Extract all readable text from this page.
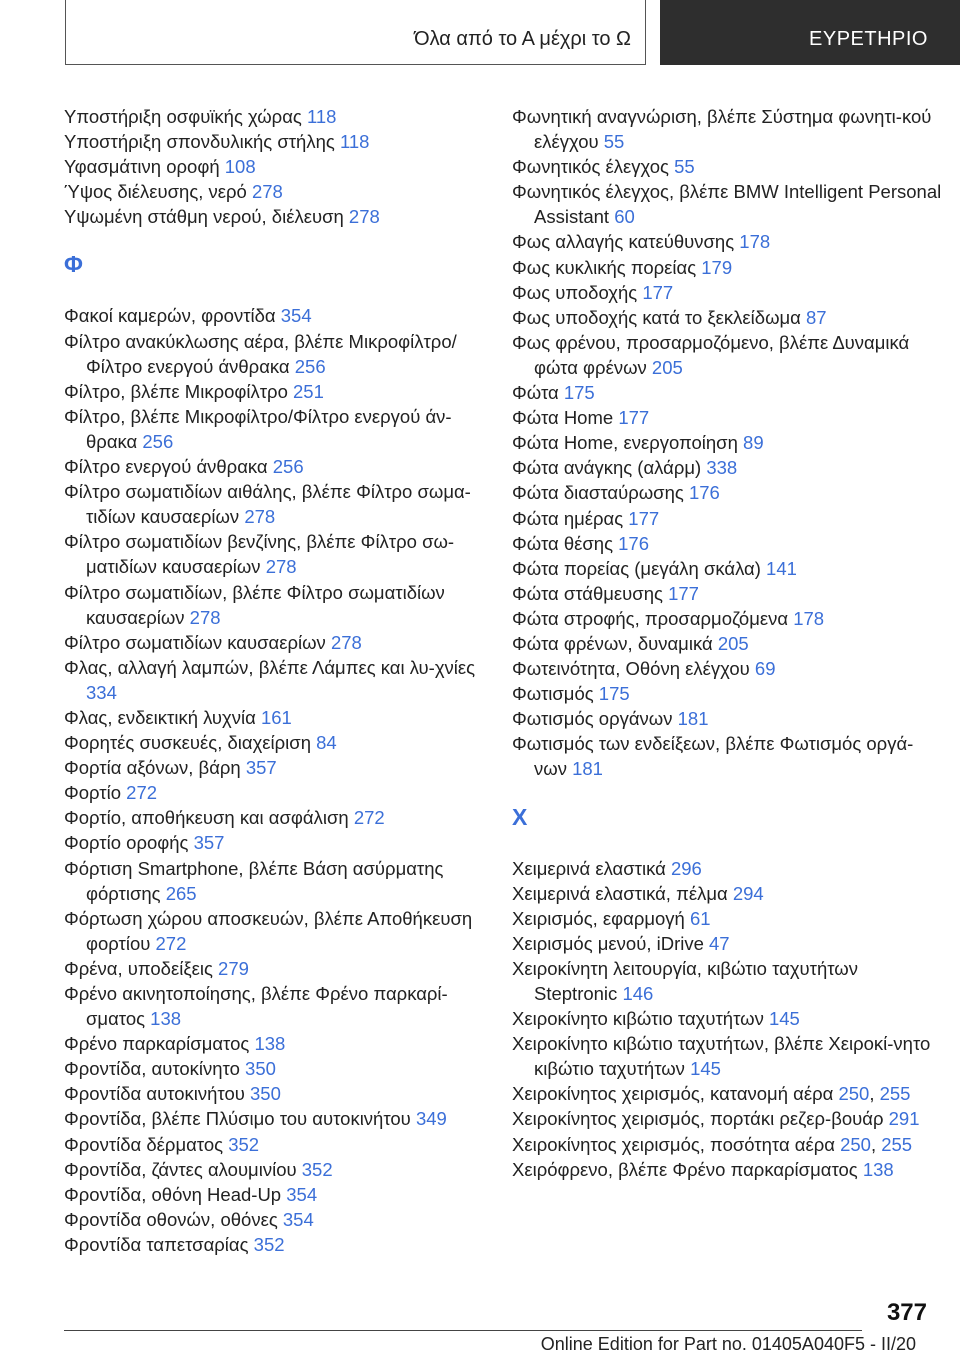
Όλα από το Α μέχρι το Ω	ΕΥΡΕΤΗΡΙΟ

Υποστήριξη οσφυϊκής χώρας 118

Υποστήριξη σπονδυλικής στήλης 118

Υφασμάτινη οροφή 108

Ύψος διέλευσης, νερό 278

Υψωμένη στάθμη νερού, διέλευση 278

Φ

Φακοί καμερών, φροντίδα 354

Φίλτρο ανακύκλωσης αέρα, βλέπε Μικροφίλτρο/Φίλτρο ενεργού άνθρακα 256

Φίλτρο, βλέπε Μικροφίλτρο 251

Φίλτρο, βλέπε Μικροφίλτρο/Φίλτρο ενεργού άν‐θρακα 256

Φίλτρο ενεργού άνθρακα 256

Φίλτρο σωματιδίων αιθάλης, βλέπε Φίλτρο σωμα‐τιδίων καυσαερίων 278

Φίλτρο σωματιδίων βενζίνης, βλέπε Φίλτρο σω‐ματιδίων καυσαερίων 278

Φίλτρο σωματιδίων, βλέπε Φίλτρο σωματιδίων καυσαερίων 278

Φίλτρο σωματιδίων καυσαερίων 278

Φλας, αλλαγή λαμπών, βλέπε Λάμπες και λυ‐χνίες 334

Φλας, ενδεικτική λυχνία 161

Φορητές συσκευές, διαχείριση 84

Φορτία αξόνων, βάρη 357

Φορτίο 272

Φορτίο, αποθήκευση και ασφάλιση 272

Φορτίο οροφής 357

Φόρτιση Smartphone, βλέπε Βάση ασύρματης φόρτισης 265

Φόρτωση χώρου αποσκευών, βλέπε Αποθήκευση φορτίου 272

Φρένα, υποδείξεις 279

Φρένο ακινητοποίησης, βλέπε Φρένο παρκαρί‐σματος 138

Φρένο παρκαρίσματος 138

Φροντίδα, αυτοκίνητο 350

Φροντίδα αυτοκινήτου 350

Φροντίδα, βλέπε Πλύσιμο του αυτοκινήτου 349

Φροντίδα δέρματος 352

Φροντίδα, ζάντες αλουμινίου 352

Φροντίδα, οθόνη Head-Up 354

Φροντίδα οθονών, οθόνες 354

Φροντίδα ταπετσαρίας 352

Φωνητική αναγνώριση, βλέπε Σύστημα φωνητι‐κού ελέγχου 55

Φωνητικός έλεγχος 55

Φωνητικός έλεγχος, βλέπε BMW Intelligent Personal Assistant 60

Φως αλλαγής κατεύθυνσης 178

Φως κυκλικής πορείας 179

Φως υποδοχής 177

Φως υποδοχής κατά το ξεκλείδωμα 87

Φως φρένου, προσαρμοζόμενο, βλέπε Δυναμικά φώτα φρένων 205

Φώτα 175

Φώτα Home 177

Φώτα Home, ενεργοποίηση 89

Φώτα ανάγκης (αλάρμ) 338

Φώτα διασταύρωσης 176

Φώτα ημέρας 177

Φώτα θέσης 176

Φώτα πορείας (μεγάλη σκάλα) 141

Φώτα στάθμευσης 177

Φώτα στροφής, προσαρμοζόμενα 178

Φώτα φρένων, δυναμικά 205

Φωτεινότητα, Οθόνη ελέγχου 69

Φωτισμός 175

Φωτισμός οργάνων 181

Φωτισμός των ενδείξεων, βλέπε Φωτισμός οργά‐νων 181

Χ

Χειμερινά ελαστικά 296

Χειμερινά ελαστικά, πέλμα 294

Χειρισμός, εφαρμογή 61

Χειρισμός μενού, iDrive 47

Χειροκίνητη λειτουργία, κιβώτιο ταχυτήτων Steptronic 146

Χειροκίνητο κιβώτιο ταχυτήτων 145

Χειροκίνητο κιβώτιο ταχυτήτων, βλέπε Χειροκί‐νητο κιβώτιο ταχυτήτων 145

Χειροκίνητος χειρισμός, κατανομή αέρα 250, 255

Χειροκίνητος χειρισμός, πορτάκι ρεζερ‐βουάρ 291

Χειροκίνητος χειρισμός, ποσότητα αέρα 250, 255

Χειρόφρενο, βλέπε Φρένο παρκαρίσματος 138

377
Online Edition for Part no. 01405A040F5 - II/20
